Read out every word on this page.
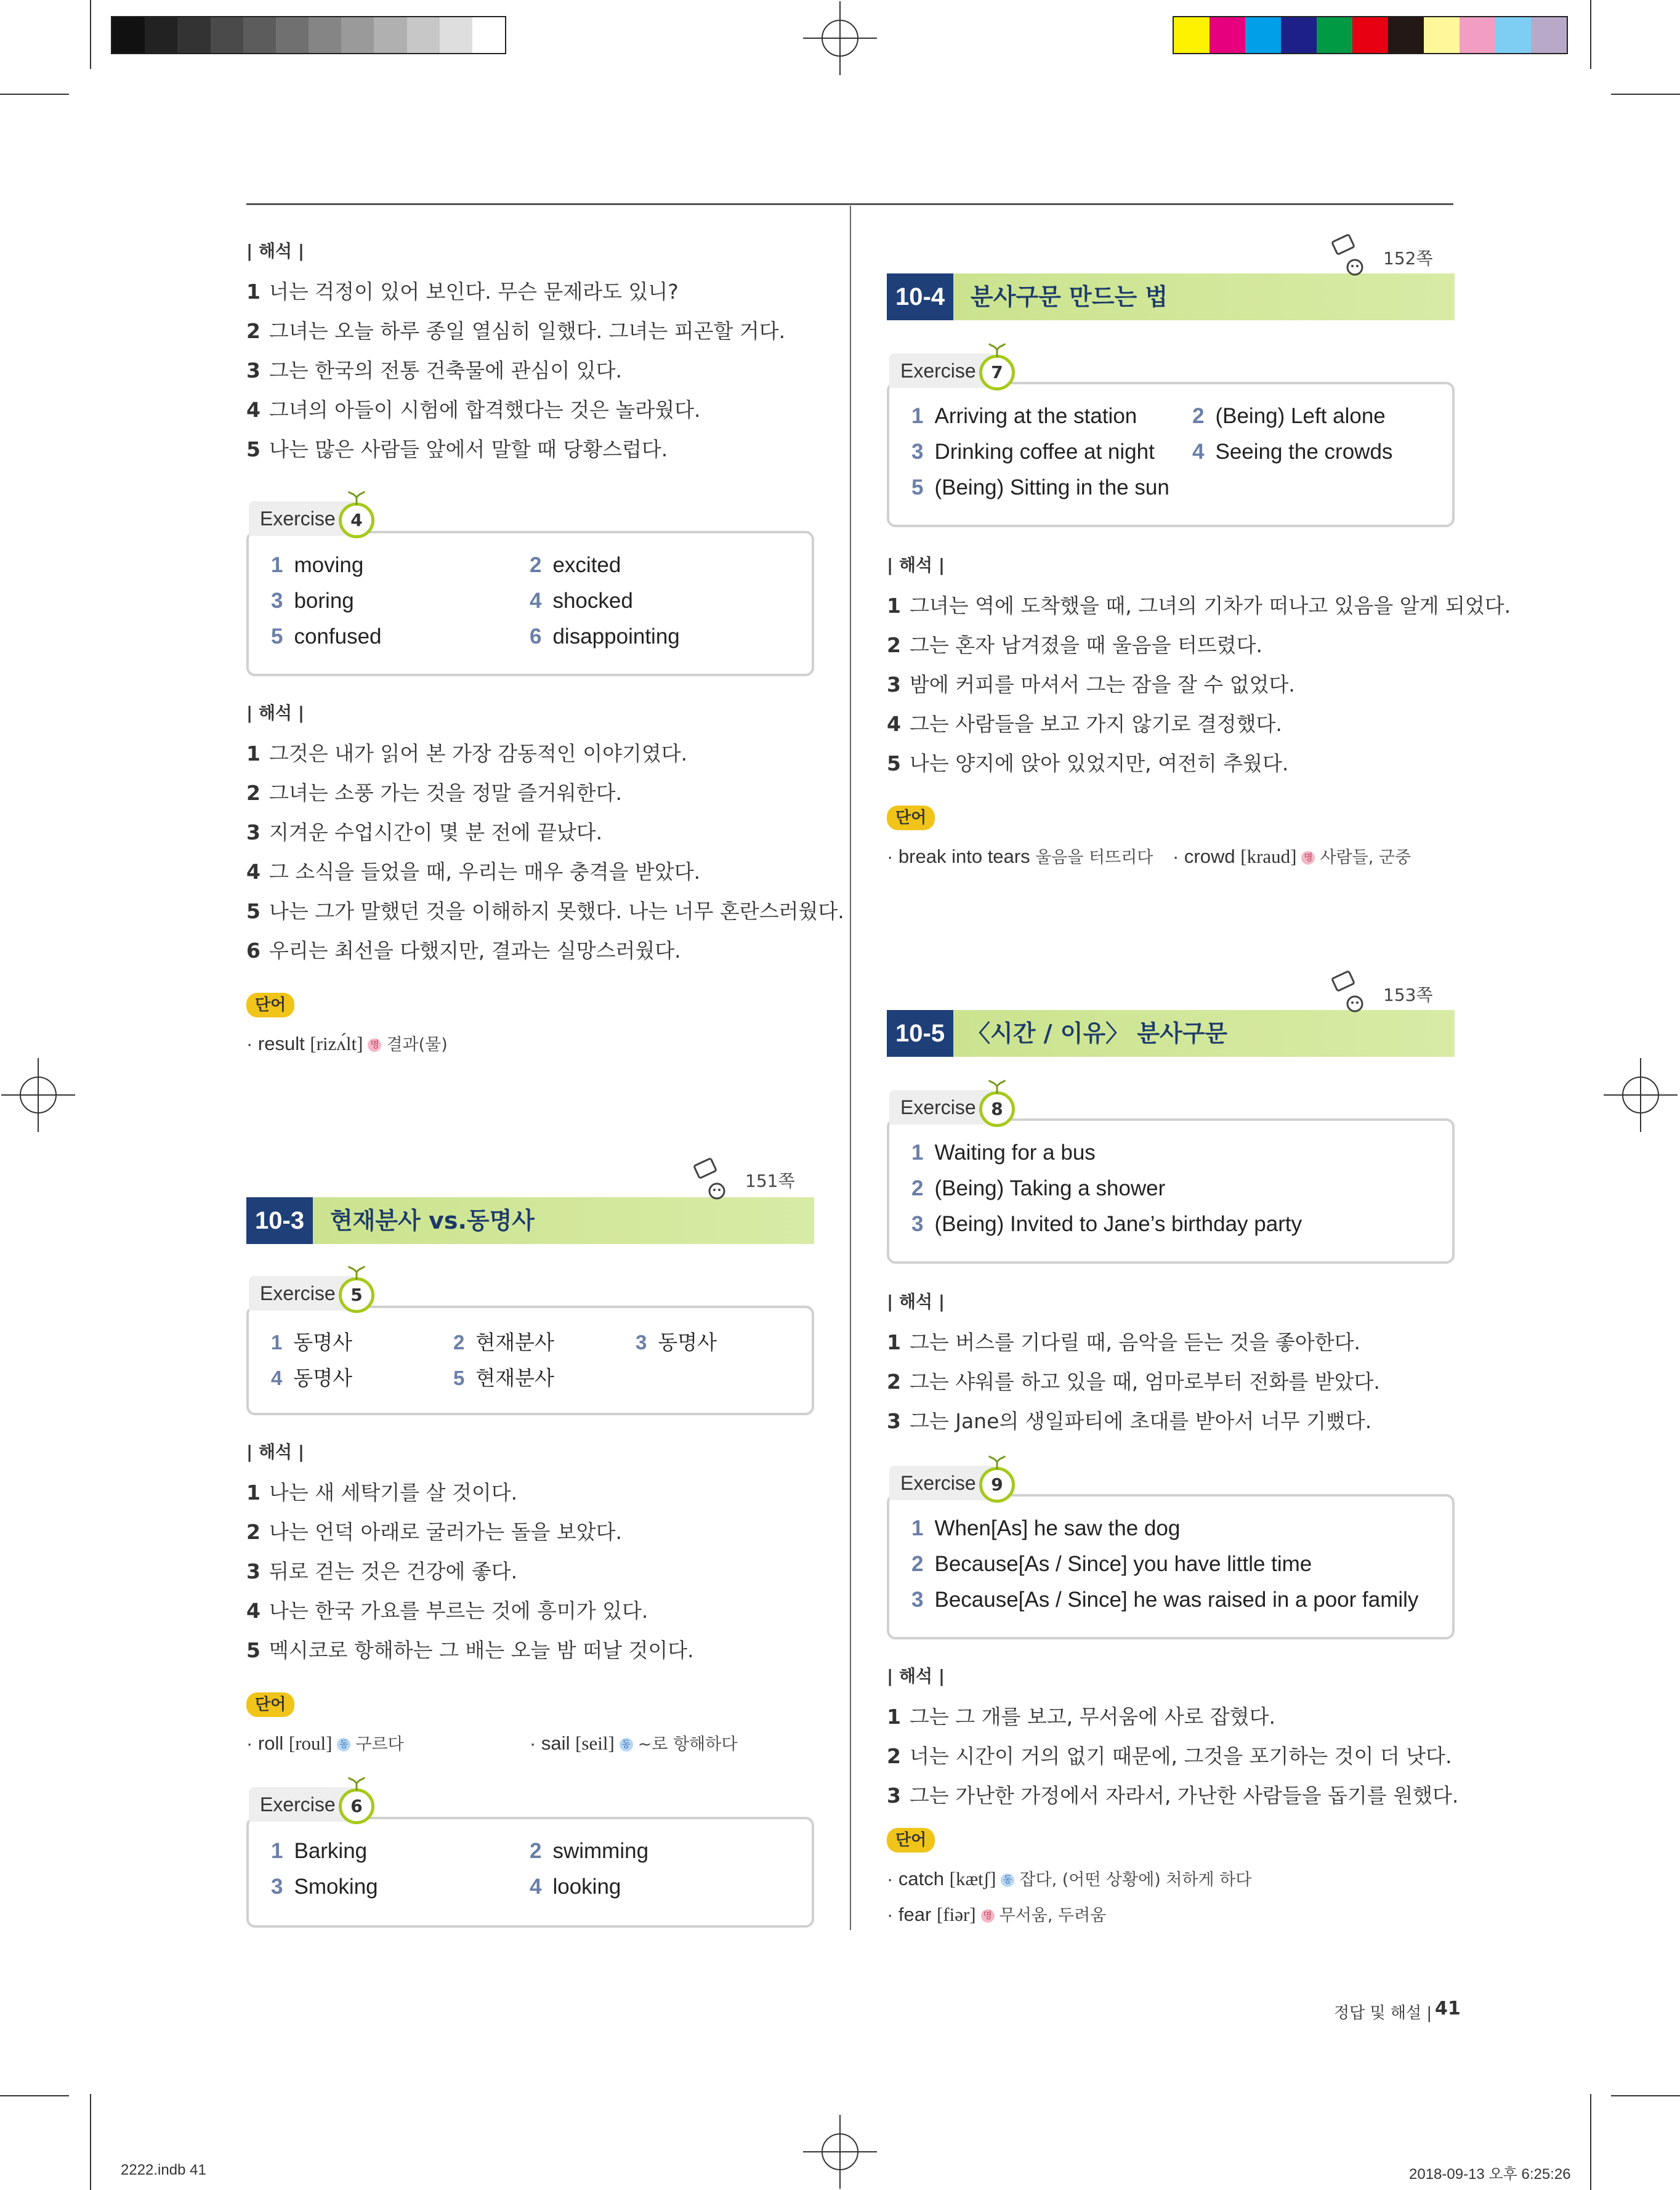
| 해석 |
1 너는 걱정이 있어 보인다. 무슨 문제라도 있니?
2 그녀는 오늘 하루 종일 열심히 일했다. 그녀는 피곤할 거다.
3 그는 한국의 전통 건축물에 관심이 있다.
4 그녀의 아들이 시험에 합격했다는 것은 놀라웠다.
5 나는 많은 사람들 앞에서 말할 때 당황스럽다.
Exercise 4
1 moving	2 excited
3 boring	4 shocked
5 confused	6 disappointing
| 해석 |
1 그것은 내가 읽어 본 가장 감동적인 이야기였다.
2 그녀는 소풍 가는 것을 정말 즐거워한다.
3 지겨운 수업시간이 몇 분 전에 끝났다.
4 그 소식을 들었을 때, 우리는 매우 충격을 받았다.
5 나는 그가 말했던 것을 이해하지 못했다. 나는 너무 혼란스러웠다.
6 우리는 최선을 다했지만, 결과는 실망스러웠다.
단어
· result [rizʌ́lt] 명 결과(물)
10-3	현재분사 vs.동명사
151쪽
Exercise 5
1 동명사	2 현재분사	3 동명사
4 동명사	5 현재분사
| 해석 |
1 나는 새 세탁기를 살 것이다.
2 나는 언덕 아래로 굴러가는 돌을 보았다.
3 뒤로 걷는 것은 건강에 좋다.
4 나는 한국 가요를 부르는 것에 흥미가 있다.
5 멕시코로 항해하는 그 배는 오늘 밤 떠날 것이다.
단어
· roll [roul] 동 구르다	· sail [seil] 동 ~로 항해하다
Exercise 6
1 Barking	2 swimming
3 Smoking	4 looking
10-4	분사구문 만드는 법
152쪽
Exercise 7
1 Arriving at the station	2 (Being) Left alone
3 Drinking coffee at night 4 Seeing the crowds
5 (Being) Sitting in the sun
| 해석 |
1 그녀는 역에 도착했을 때, 그녀의 기차가 떠나고 있음을 알게 되었다.
2 그는 혼자 남겨졌을 때 울음을 터뜨렸다.
3 밤에 커피를 마셔서 그는 잠을 잘 수 없었다.
4 그는 사람들을 보고 가지 않기로 결정했다.
5 나는 양지에 앉아 있었지만, 여전히 추웠다.
단어
· break into tears 울음을 터뜨리다 · crowd [kraud] 명 사람들, 군중
10-5 〈시간 / 이유〉 분사구문
153쪽
Exercise 8
1 Waiting for a bus
2 (Being) Taking a shower
3 (Being) Invited to Jane’s birthday party
| 해석 |
1 그는 버스를 기다릴 때, 음악을 듣는 것을 좋아한다.
2 그는 샤워를 하고 있을 때, 엄마로부터 전화를 받았다.
3 그는 Jane의 생일파티에 초대를 받아서 너무 기뻤다.
Exercise 9
1 When[As] he saw the dog
2 Because[As / Since] you have little time
3 Because[As / Since] he was raised in a poor family
| 해석 |
1 그는 그 개를 보고, 무서움에 사로 잡혔다.
2 너는 시간이 거의 없기 때문에, 그것을 포기하는 것이 더 낫다.
3 그는 가난한 가정에서 자라서, 가난한 사람들을 돕기를 원했다.
단어
· catch [kætʃ] 동 잡다, (어떤 상황에) 처하게 하다
· fear [fiər] 명 무서움, 두려움
정답 및 해설 | 41
2222.indb 41	2018-09-13 오후 6:25:26
